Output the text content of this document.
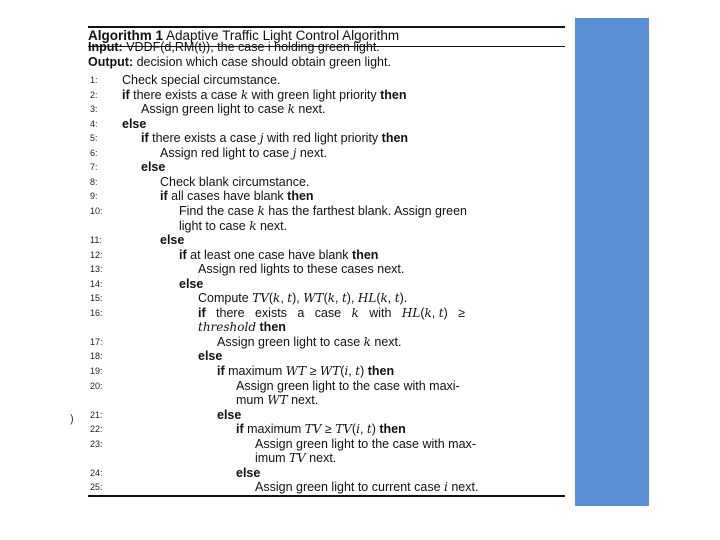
)
Algorithm 1 Adaptive Traffic Light Control Algorithm
Input: VDDF(d,RM(t)), the case i holding green light.
Output: decision which case should obtain green light.
1:	Check special circumstance.
2:	if there exists a case k with green light priority then
3:	Assign green light to case k next.
4:	else
5:	if there exists a case j with red light priority then
6:	Assign red light to case j next.
7:	else
8:	Check blank circumstance.
9:	if all cases have blank then
10:	Find the case k has the farthest blank. Assign green
light to case k next.
11:	else
12:	if at least one case have blank then
13:	Assign red lights to these cases next.
14:	else
15:	Compute TV(k, t), WT(k, t), HL(k, t).
16:	if   there   exists   a   case   k   with   HL(k, t)   ≥
threshold then
17:	Assign green light to case k next.
18:	else
19:	if maximum WT ≥ WT(i, t) then
20:	Assign green light to the case with maxi-
mum WT next.
21:	else
22:	if maximum TV ≥ TV(i, t) then
23:	Assign green light to the case with max-
imum TV next.
24:	else
25:	Assign green light to current case i next.
